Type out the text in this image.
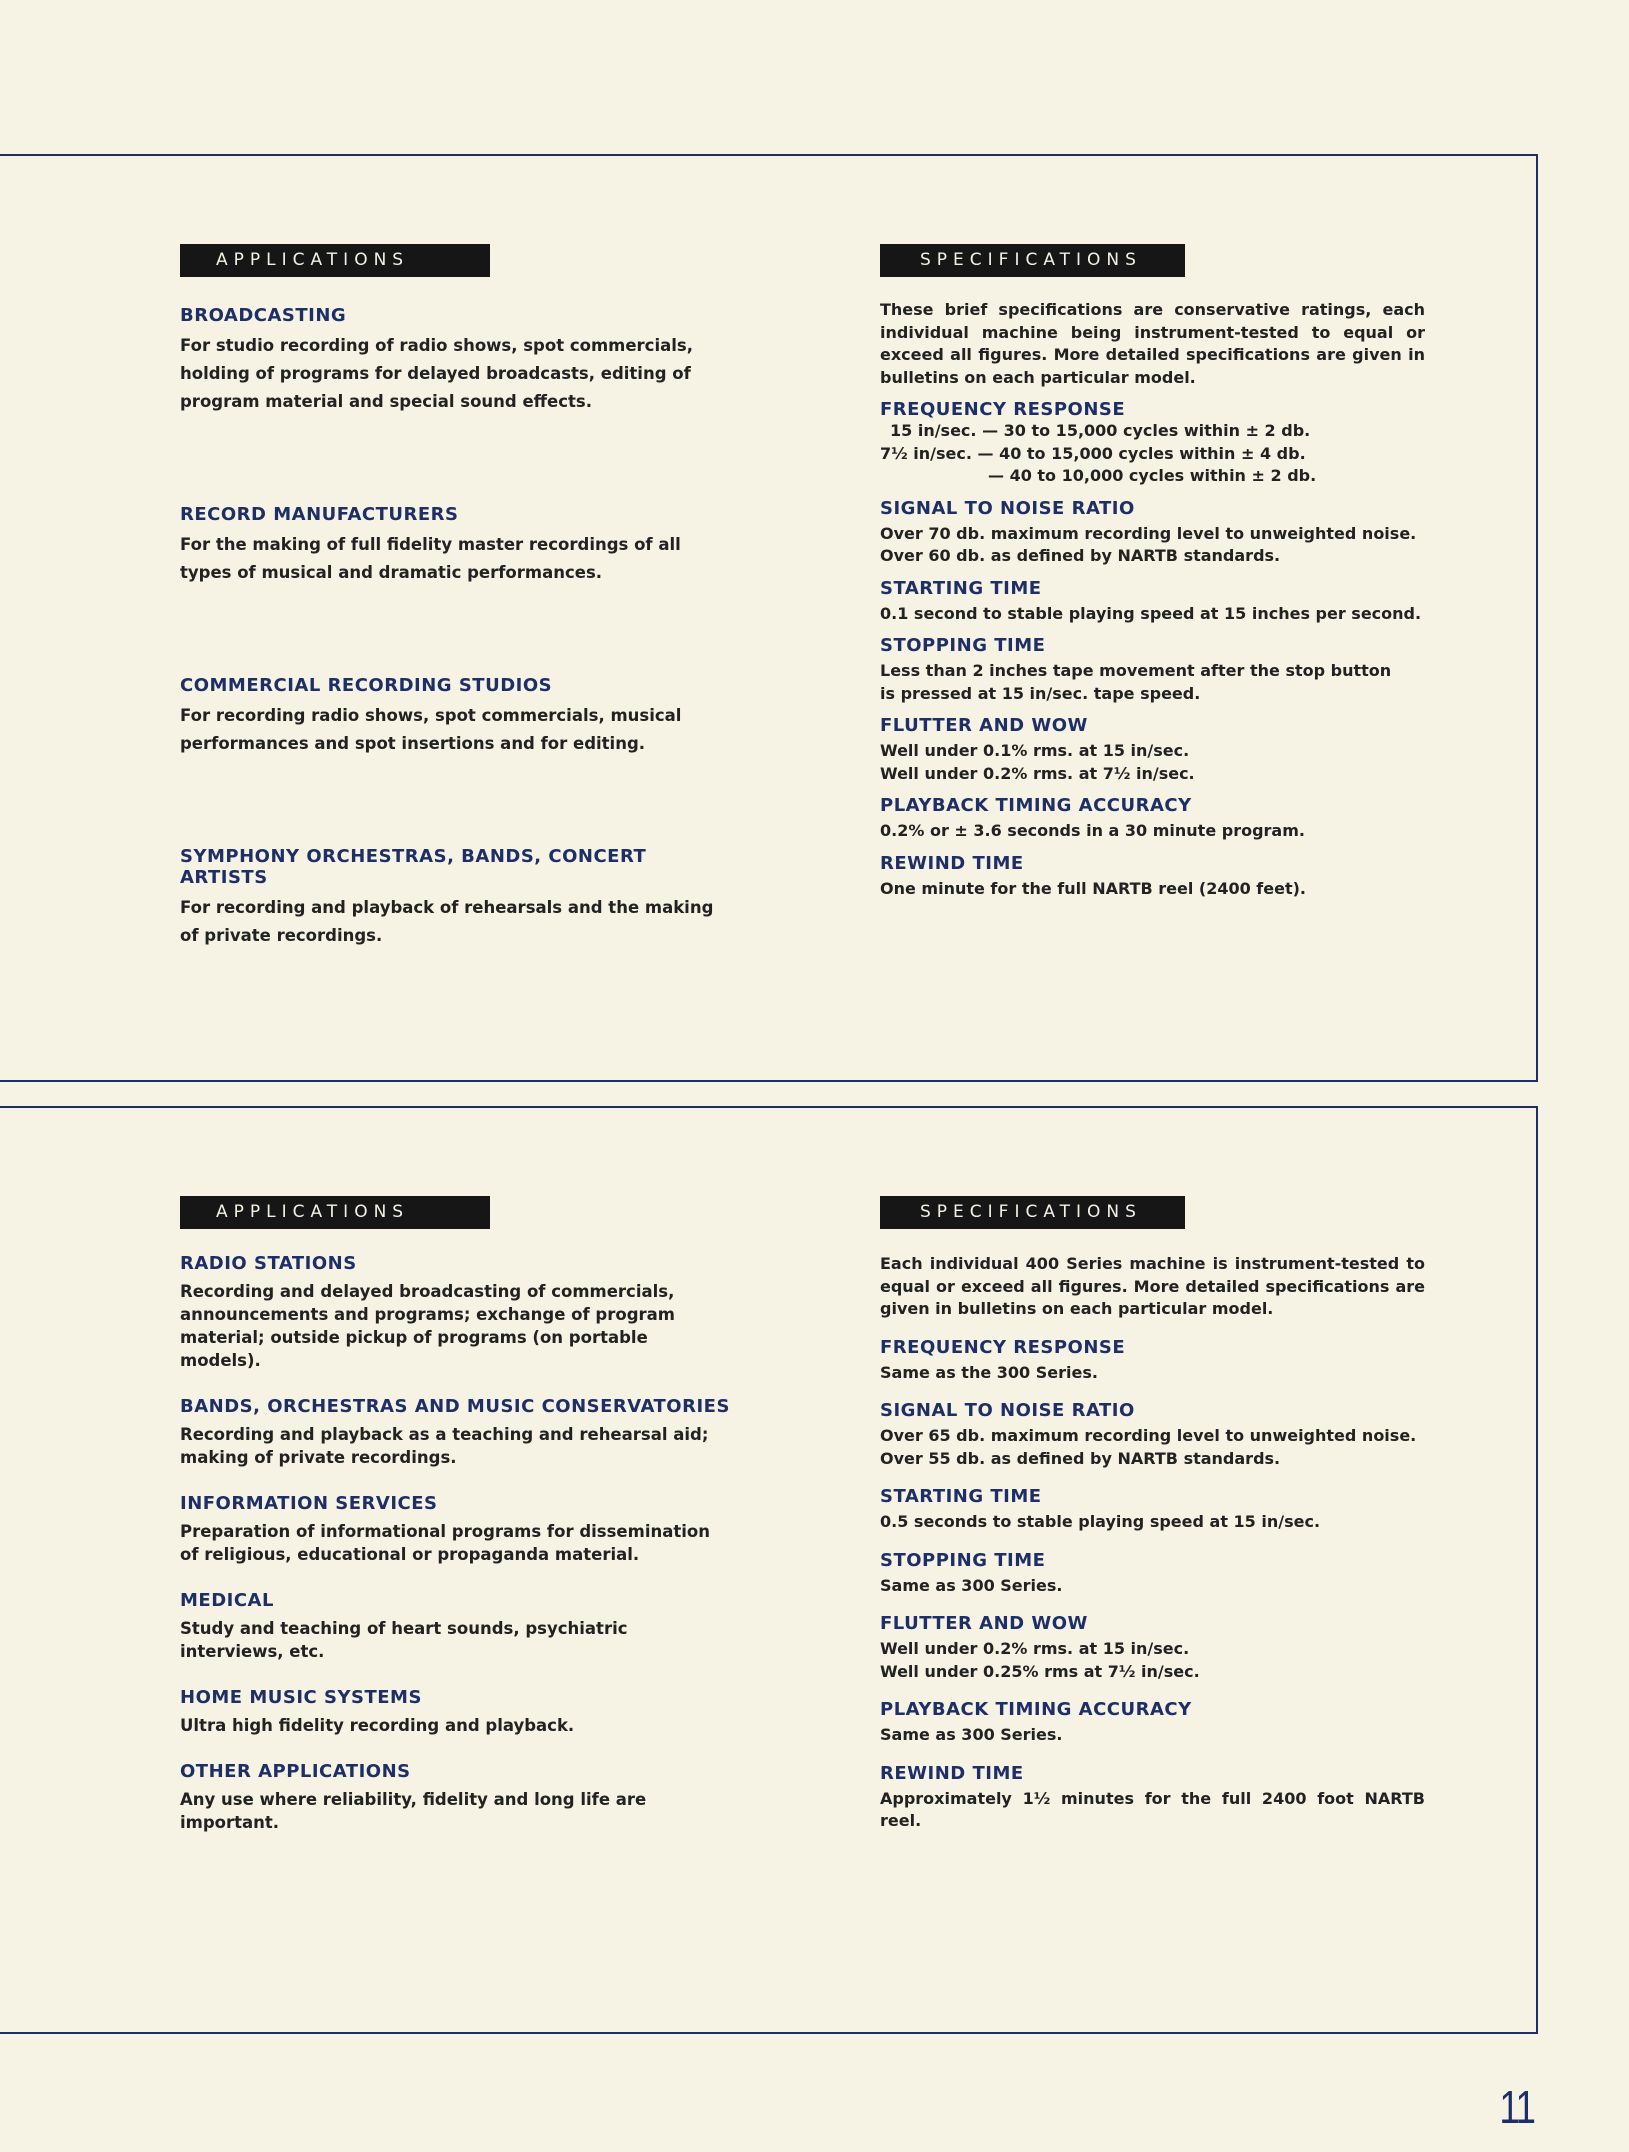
APPLICATIONS
BROADCASTING

For studio recording of radio shows, spot commercials, holding of programs for delayed broadcasts, editing of program material and special sound effects.

RECORD MANUFACTURERS

For the making of full fidelity master recordings of all types of musical and dramatic performances.

COMMERCIAL RECORDING STUDIOS

For recording radio shows, spot commercials, musical performances and spot insertions and for editing.

SYMPHONY ORCHESTRAS, BANDS, CONCERT ARTISTS

For recording and playback of rehearsals and the making of private recordings.

SPECIFICATIONS

These brief specifications are conservative ratings, each individual machine being instrument-tested to equal or exceed all figures. More detailed specifications are given in bulletins on each particular model.

FREQUENCY RESPONSE
15 in/sec. — 30 to 15,000 cycles within ± 2 db.
7½ in/sec. — 40 to 15,000 cycles within ± 4 db.
— 40 to 10,000 cycles within ± 2 db.
SIGNAL TO NOISE RATIO

Over 70 db. maximum recording level to unweighted noise.
Over 60 db. as defined by NARTB standards.

STARTING TIME

0.1 second to stable playing speed at 15 inches per second.

STOPPING TIME

Less than 2 inches tape movement after the stop button
is pressed at 15 in/sec. tape speed.

FLUTTER AND WOW

Well under 0.1% rms. at 15 in/sec.
Well under 0.2% rms. at 7½ in/sec.

PLAYBACK TIMING ACCURACY

0.2% or ± 3.6 seconds in a 30 minute program.

REWIND TIME

One minute for the full NARTB reel (2400 feet).

APPLICATIONS
RADIO STATIONS

Recording and delayed broadcasting of commercials, announcements and programs; exchange of program material; outside pickup of programs (on portable models).

BANDS, ORCHESTRAS AND MUSIC CONSERVATORIES

Recording and playback as a teaching and rehearsal aid; making of private recordings.

INFORMATION SERVICES

Preparation of informational programs for dissemination of religious, educational or propaganda material.

MEDICAL

Study and teaching of heart sounds, psychiatric interviews, etc.

HOME MUSIC SYSTEMS

Ultra high fidelity recording and playback.

OTHER APPLICATIONS

Any use where reliability, fidelity and long life are important.

SPECIFICATIONS

Each individual 400 Series machine is instrument-tested to equal or exceed all figures. More detailed specifications are given in bulletins on each particular model.

FREQUENCY RESPONSE

Same as the 300 Series.

SIGNAL TO NOISE RATIO

Over 65 db. maximum recording level to unweighted noise.
Over 55 db. as defined by NARTB standards.

STARTING TIME

0.5 seconds to stable playing speed at 15 in/sec.

STOPPING TIME

Same as 300 Series.

FLUTTER AND WOW

Well under 0.2% rms. at 15 in/sec.
Well under 0.25% rms at 7½ in/sec.

PLAYBACK TIMING ACCURACY

Same as 300 Series.

REWIND TIME

Approximately 1½ minutes for the full 2400 foot NARTB reel.

11
